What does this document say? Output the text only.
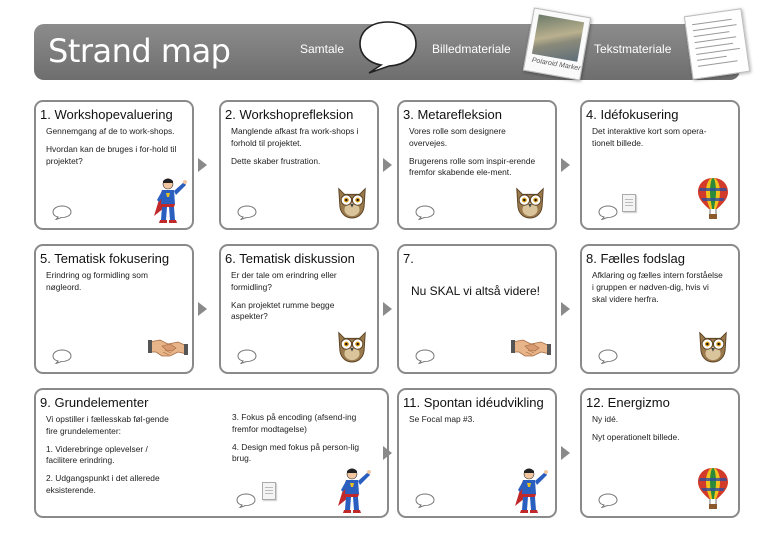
Strand map	Samtale	Billedmateriale	Tekstmateriale
Polaroid Marker
1. Workshopevaluering

Gennemgang af de to work-shops.

Hvordan kan de bruges i for-hold til projektet?

2. Workshoprefleksion

Manglende afkast fra work-shops i forhold til projektet.

Dette skaber frustration.

3. Metarefleksion

Vores rolle som designere overvejes.

Brugerens rolle som inspir-erende fremfor skabende ele-ment.

4. Idéfokusering

Det interaktive kort som opera-tionelt billede.

5. Tematisk fokusering

Erindring og formidling som nøgleord.

6. Tematisk diskussion

Er der tale om erindring eller formidling?

Kan projektet rumme begge aspekter?

7.
Nu SKAL vi altså videre!
8. Fælles fodslag

Afklaring og fælles intern forståelse i gruppen er nødven-dig, hvis vi skal videre herfra.

9. Grundelementer

Vi opstiller i fællesskab føl-gende fire grundelementer:

1. Viderebringe oplevelser / facilitere erindring.

2. Udgangspunkt i det allerede eksisterende.

3. Fokus på encoding (afsend-ing fremfor modtagelse)

4. Design med fokus på person-lig brug.

11. Spontan idéudvikling

Se Focal map #3.

12. Energizmo

Ny idé.

Nyt operationelt billede.
